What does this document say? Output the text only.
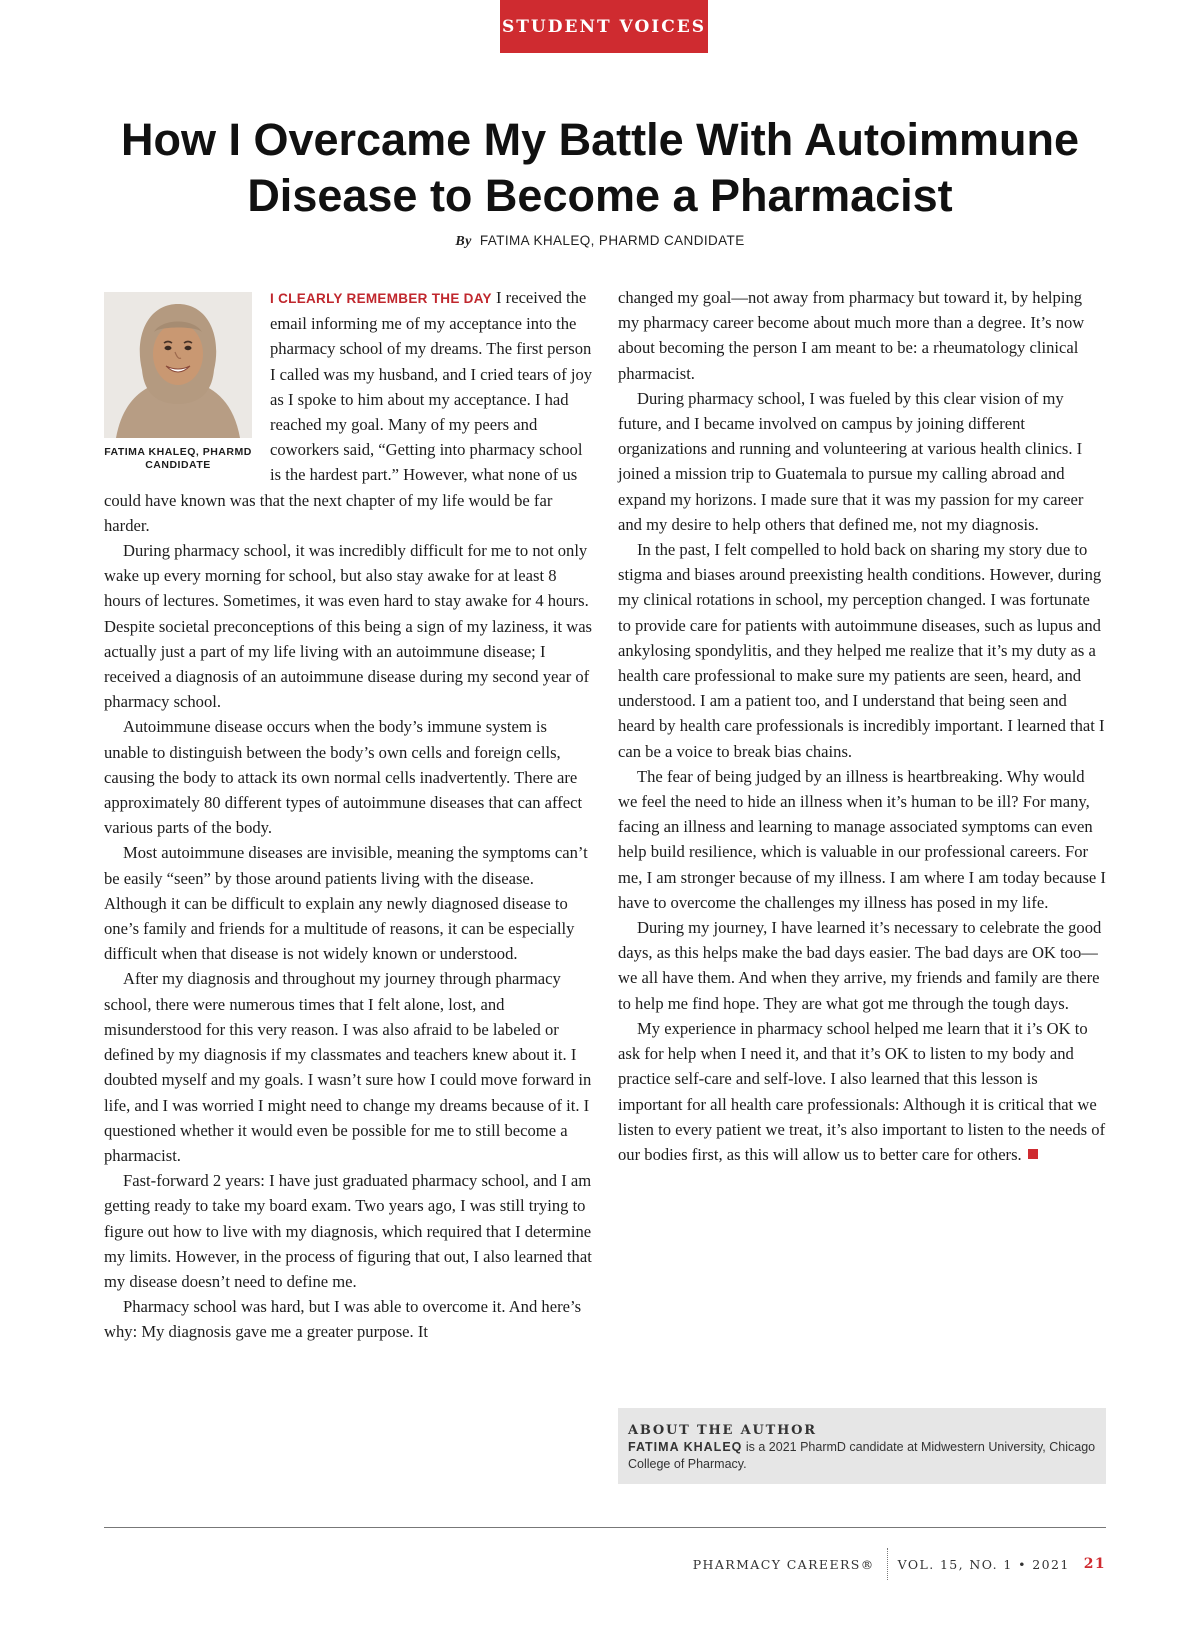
STUDENT VOICES
How I Overcame My Battle With Autoimmune Disease to Become a Pharmacist
By FATIMA KHALEQ, PHARMD CANDIDATE
FATIMA KHALEQ, PHARMD CANDIDATE

I CLEARLY REMEMBER THE DAY I received the email informing me of my acceptance into the pharmacy school of my dreams. The first person I called was my husband, and I cried tears of joy as I spoke to him about my acceptance. I had reached my goal. Many of my peers and coworkers said, “Getting into pharmacy school is the hardest part.” However, what none of us could have known was that the next chapter of my life would be far harder.

During pharmacy school, it was incredibly difficult for me to not only wake up every morning for school, but also stay awake for at least 8 hours of lectures. Sometimes, it was even hard to stay awake for 4 hours. Despite societal preconceptions of this being a sign of my laziness, it was actually just a part of my life living with an autoimmune disease; I received a diagnosis of an autoimmune disease during my second year of pharmacy school.

Autoimmune disease occurs when the body’s immune system is unable to distinguish between the body’s own cells and foreign cells, causing the body to attack its own normal cells inadvertently. There are approximately 80 different types of autoimmune diseases that can affect various parts of the body.

Most autoimmune diseases are invisible, meaning the symptoms can’t be easily “seen” by those around patients living with the disease. Although it can be difficult to explain any newly diagnosed disease to one’s family and friends for a multitude of reasons, it can be especially difficult when that disease is not widely known or understood.

After my diagnosis and throughout my journey through pharmacy school, there were numerous times that I felt alone, lost, and misunderstood for this very reason. I was also afraid to be labeled or defined by my diagnosis if my classmates and teachers knew about it. I doubted myself and my goals. I wasn’t sure how I could move forward in life, and I was worried I might need to change my dreams because of it. I questioned whether it would even be possible for me to still become a pharmacist.

Fast-forward 2 years: I have just graduated pharmacy school, and I am getting ready to take my board exam. Two years ago, I was still trying to figure out how to live with my diagnosis, which required that I determine my limits. However, in the process of figuring that out, I also learned that my disease doesn’t need to define me.

Pharmacy school was hard, but I was able to overcome it. And here’s why: My diagnosis gave me a greater purpose. It

changed my goal—not away from pharmacy but toward it, by helping my pharmacy career become about much more than a degree. It’s now about becoming the person I am meant to be: a rheumatology clinical pharmacist.

During pharmacy school, I was fueled by this clear vision of my future, and I became involved on campus by joining different organizations and running and volunteering at various health clinics. I joined a mission trip to Guatemala to pursue my calling abroad and expand my horizons. I made sure that it was my passion for my career and my desire to help others that defined me, not my diagnosis.

In the past, I felt compelled to hold back on sharing my story due to stigma and biases around preexisting health conditions. However, during my clinical rotations in school, my perception changed. I was fortunate to provide care for patients with autoimmune diseases, such as lupus and ankylosing spondylitis, and they helped me realize that it’s my duty as a health care professional to make sure my patients are seen, heard, and understood. I am a patient too, and I understand that being seen and heard by health care professionals is incredibly important. I learned that I can be a voice to break bias chains.

The fear of being judged by an illness is heartbreaking. Why would we feel the need to hide an illness when it’s human to be ill? For many, facing an illness and learning to manage associated symptoms can even help build resilience, which is valuable in our professional careers. For me, I am stronger because of my illness. I am where I am today because I have to overcome the challenges my illness has posed in my life.

During my journey, I have learned it’s necessary to celebrate the good days, as this helps make the bad days easier. The bad days are OK too—we all have them. And when they arrive, my friends and family are there to help me find hope. They are what got me through the tough days.

My experience in pharmacy school helped me learn that it i’s OK to ask for help when I need it, and that it’s OK to listen to my body and practice self-care and self-love. I also learned that this lesson is important for all health care professionals: Although it is critical that we listen to every patient we treat, it’s also important to listen to the needs of our bodies first, as this will allow us to better care for others.

ABOUT THE AUTHOR
FATIMA KHALEQ is a 2021 PharmD candidate at Midwestern University, Chicago College of Pharmacy.
PHARMACY CAREERS® VOL. 15, NO. 1 • 2021 21
